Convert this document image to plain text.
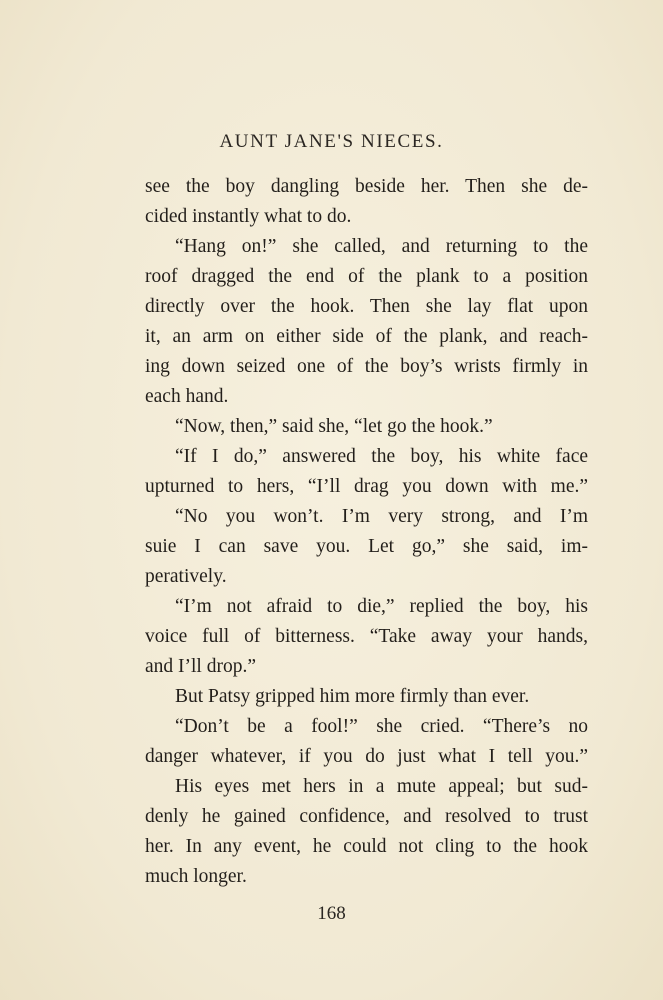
AUNT JANE'S NIECES.
see the boy dangling beside her. Then she de-
cided instantly what to do.
“Hang on!” she called, and returning to the
roof dragged the end of the plank to a position
directly over the hook. Then she lay flat upon
it, an arm on either side of the plank, and reach-
ing down seized one of the boy’s wrists firmly in
each hand.
“Now, then,” said she, “let go the hook.”
“If I do,” answered the boy, his white face
upturned to hers, “I’ll drag you down with me.”
“No you won’t. I’m very strong, and I’m
suie I can save you. Let go,” she said, im-
peratively.
“I’m not afraid to die,” replied the boy, his
voice full of bitterness. “Take away your hands,
and I’ll drop.”
But Patsy gripped him more firmly than ever.
“Don’t be a fool!” she cried. “There’s no
danger whatever, if you do just what I tell you.”
His eyes met hers in a mute appeal; but sud-
denly he gained confidence, and resolved to trust
her. In any event, he could not cling to the hook
much longer.
168
